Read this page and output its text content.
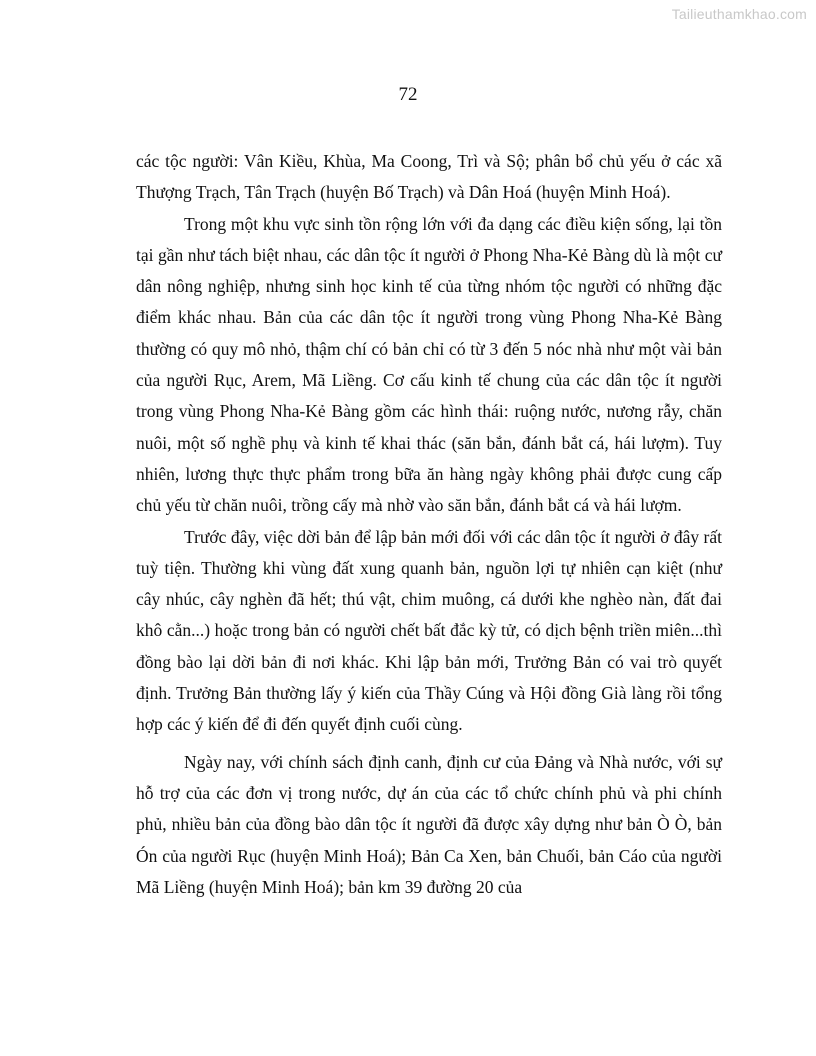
Tailieuthamkhao.com
72

các tộc người: Vân Kiều, Khùa, Ma Coong, Trì và Sộ; phân bổ chủ yếu ở các xã Thượng Trạch, Tân Trạch (huyện Bố Trạch) và Dân Hoá (huyện Minh Hoá).

Trong một khu vực sinh tồn rộng lớn với đa dạng các điều kiện sống, lại tồn tại gần như tách biệt nhau, các dân tộc ít người ở Phong Nha-Kẻ Bàng dù là một cư dân nông nghiệp, nhưng sinh học kinh tế của từng nhóm tộc người có những đặc điểm khác nhau. Bản của các dân tộc ít người trong vùng Phong Nha-Kẻ Bàng thường có quy mô nhỏ, thậm chí có bản chỉ có từ 3 đến 5 nóc nhà như một vài bản của người Rục, Arem, Mã Liềng. Cơ cấu kinh tế chung của các dân tộc ít người trong vùng Phong Nha-Kẻ Bàng gồm các hình thái: ruộng nước, nương rẫy, chăn nuôi, một số nghề phụ và kinh tế khai thác (săn bắn, đánh bắt cá, hái lượm). Tuy nhiên, lương thực thực phẩm trong bữa ăn hàng ngày không phải được cung cấp chủ yếu từ chăn nuôi, trồng cấy mà nhờ vào săn bắn, đánh bắt cá và hái lượm.

Trước đây, việc dời bản để lập bản mới đối với các dân tộc ít người ở đây rất tuỳ tiện. Thường khi vùng đất xung quanh bản, nguồn lợi tự nhiên cạn kiệt (như cây nhúc, cây nghèn đã hết; thú vật, chim muông, cá dưới khe nghèo nàn, đất đai khô cằn...) hoặc trong bản có người chết bất đắc kỳ tử, có dịch bệnh triền miên...thì đồng bào lại dời bản đi nơi khác. Khi lập bản mới, Trưởng Bản có vai trò quyết định. Trưởng Bản thường lấy ý kiến của Thầy Cúng và Hội đồng Già làng rồi tổng hợp các ý kiến để đi đến quyết định cuối cùng.

Ngày nay, với chính sách định canh, định cư của Đảng và Nhà nước, với sự hỗ trợ của các đơn vị trong nước, dự án của các tổ chức chính phủ và phi chính phủ, nhiều bản của đồng bào dân tộc ít người đã được xây dựng như bản Ò Ò, bản Ón của người Rục (huyện Minh Hoá); Bản Ca Xen, bản Chuối, bản Cáo của người Mã Liềng (huyện Minh Hoá); bản km 39 đường 20 của
